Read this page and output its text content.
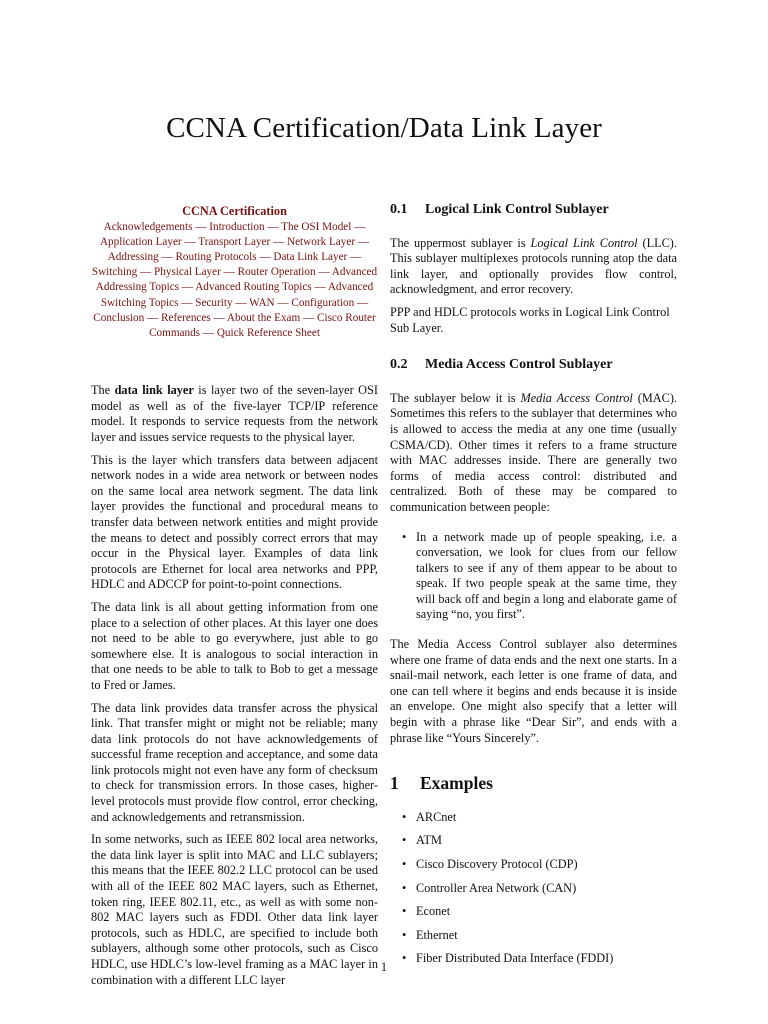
CCNA Certification/Data Link Layer
CCNA Certification
Acknowledgements — Introduction — The OSI Model — Application Layer — Transport Layer — Network Layer — Addressing — Routing Protocols — Data Link Layer — Switching — Physical Layer — Router Operation — Advanced Addressing Topics — Advanced Routing Topics — Advanced Switching Topics — Security — WAN — Configuration — Conclusion — References — About the Exam — Cisco Router Commands — Quick Reference Sheet

The data link layer is layer two of the seven-layer OSI model as well as of the five-layer TCP/IP reference model. It responds to service requests from the network layer and issues service requests to the physical layer.

This is the layer which transfers data between adjacent network nodes in a wide area network or between nodes on the same local area network segment. The data link layer provides the functional and procedural means to transfer data between network entities and might provide the means to detect and possibly correct errors that may occur in the Physical layer. Examples of data link protocols are Ethernet for local area networks and PPP, HDLC and ADCCP for point-to-point connections.

The data link is all about getting information from one place to a selection of other places. At this layer one does not need to be able to go everywhere, just able to go somewhere else. It is analogous to social interaction in that one needs to be able to talk to Bob to get a message to Fred or James.

The data link provides data transfer across the physical link. That transfer might or might not be reliable; many data link protocols do not have acknowledgements of successful frame reception and acceptance, and some data link protocols might not even have any form of checksum to check for transmission errors. In those cases, higher-level protocols must provide flow control, error checking, and acknowledgements and retransmission.

In some networks, such as IEEE 802 local area networks, the data link layer is split into MAC and LLC sublayers; this means that the IEEE 802.2 LLC protocol can be used with all of the IEEE 802 MAC layers, such as Ethernet, token ring, IEEE 802.11, etc., as well as with some non-802 MAC layers such as FDDI. Other data link layer protocols, such as HDLC, are specified to include both sublayers, although some other protocols, such as Cisco HDLC, use HDLC’s low-level framing as a MAC layer in combination with a different LLC layer

0.1 Logical Link Control Sublayer

The uppermost sublayer is Logical Link Control (LLC). This sublayer multiplexes protocols running atop the data link layer, and optionally provides flow control, acknowledgment, and error recovery.

PPP and HDLC protocols works in Logical Link Control Sub Layer.

0.2 Media Access Control Sublayer

The sublayer below it is Media Access Control (MAC). Sometimes this refers to the sublayer that determines who is allowed to access the media at any one time (usually CSMA/CD). Other times it refers to a frame structure with MAC addresses inside. There are generally two forms of media access control: distributed and centralized. Both of these may be compared to communication between people:

• In a network made up of people speaking, i.e. a conversation, we look for clues from our fellow talkers to see if any of them appear to be about to speak. If two people speak at the same time, they will back off and begin a long and elaborate game of saying “no, you first”.

The Media Access Control sublayer also determines where one frame of data ends and the next one starts. In a snail-mail network, each letter is one frame of data, and one can tell where it begins and ends because it is inside an envelope. One might also specify that a letter will begin with a phrase like “Dear Sir”, and ends with a phrase like “Yours Sincerely”.

1 Examples
• ARCnet
• ATM
• Cisco Discovery Protocol (CDP)
• Controller Area Network (CAN)
• Econet
• Ethernet
• Fiber Distributed Data Interface (FDDI)
1
